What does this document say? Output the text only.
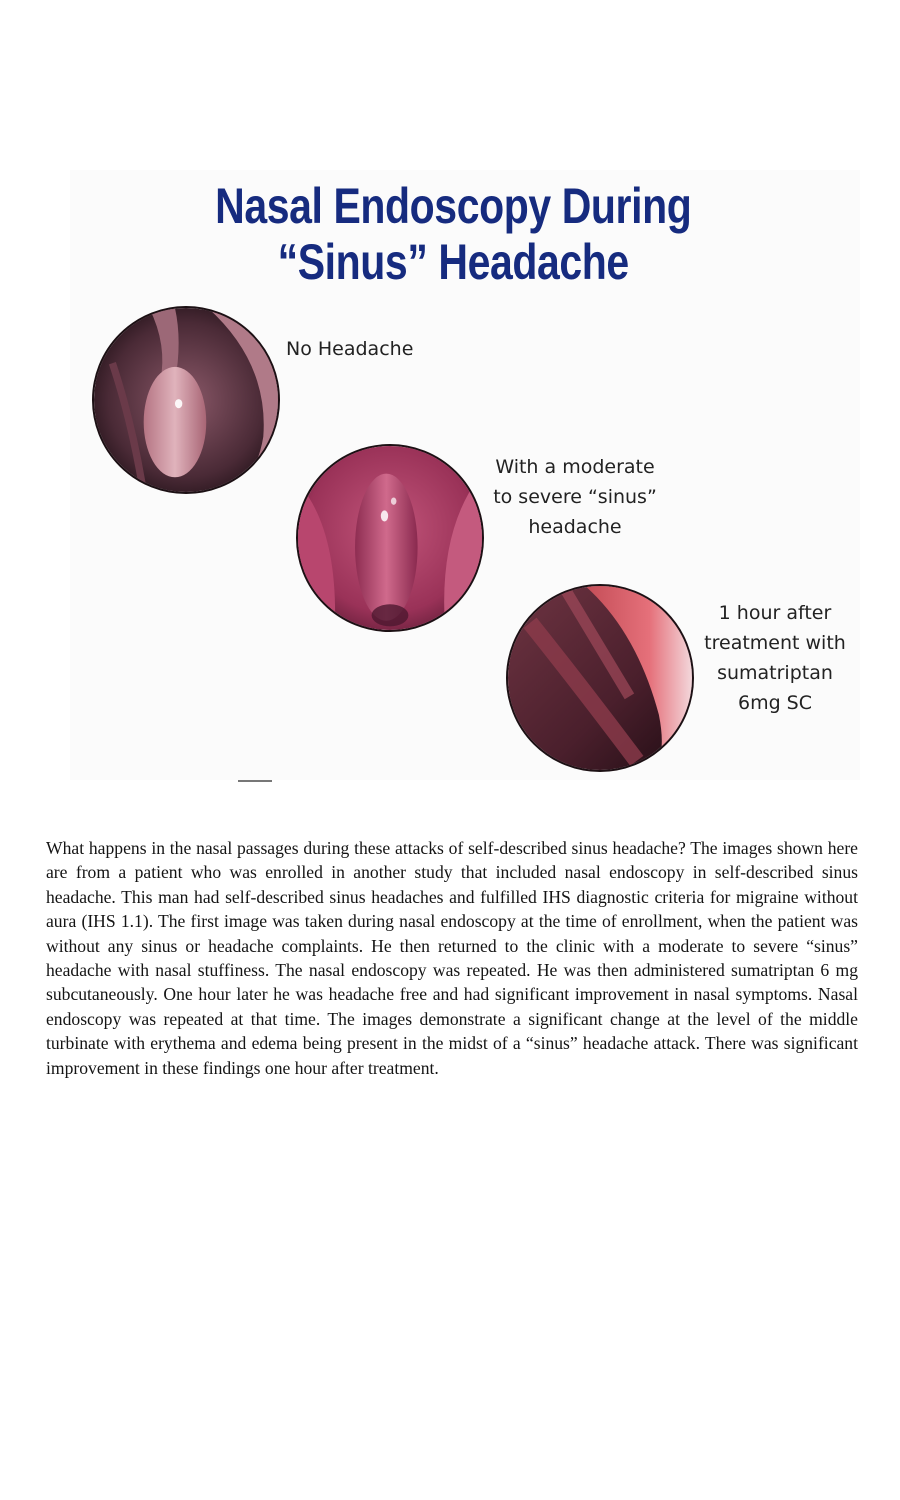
Nasal Endoscopy During
“Sinus” Headache
No Headache
With a moderate
to severe “sinus”
headache
1 hour after
treatment with
sumatriptan
6mg SC
What happens in the nasal passages during these attacks of self-described sinus headache? The images shown here are from a patient who was enrolled in another study that included nasal endoscopy in self-described sinus headache. This man had self-described sinus headaches and fulfilled IHS diagnostic criteria for migraine without aura (IHS 1.1). The first image was taken during nasal endoscopy at the time of enrollment, when the patient was without any sinus or headache complaints. He then returned to the clinic with a moderate to severe “sinus” headache with nasal stuffiness. The nasal endoscopy was repeated. He was then administered sumatriptan 6 mg subcutaneously. One hour later he was headache free and had significant improvement in nasal symptoms. Nasal endoscopy was repeated at that time. The images demonstrate a significant change at the level of the middle turbinate with erythema and edema being present in the midst of a “sinus” headache attack. There was significant improvement in these findings one hour after treatment.
